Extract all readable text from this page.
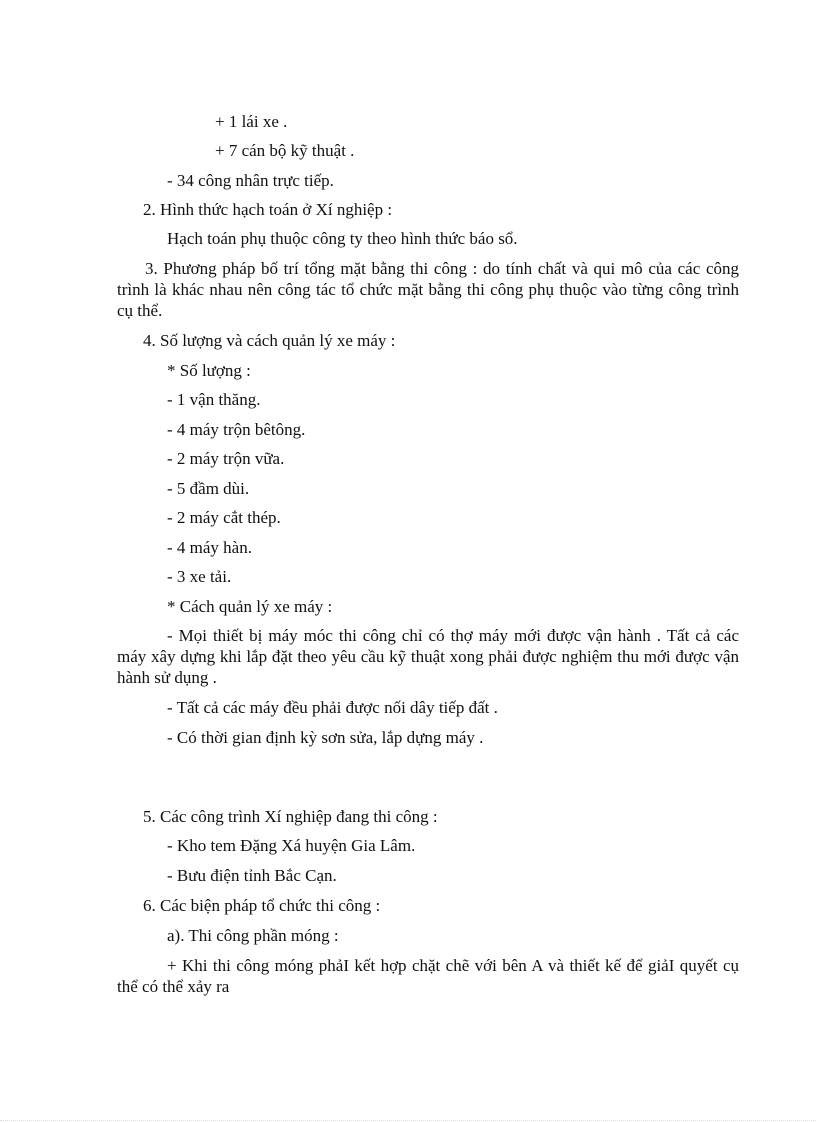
+ 1 lái xe .
+ 7 cán bộ kỹ thuật .
- 34 công nhân trực tiếp.
2. Hình thức hạch toán ở Xí nghiệp :
Hạch toán phụ thuộc công ty theo hình thức báo sổ.
3. Phương pháp bố trí tổng mặt bằng thi công : do tính chất và qui mô của các công trình là khác nhau nên công tác tổ chức mặt bằng thi công phụ thuộc vào từng công trình cụ thể.
4. Số lượng và cách quản lý xe máy :
* Số lượng :
- 1 vận thăng.
- 4 máy trộn bêtông.
- 2 máy trộn vữa.
- 5 đầm dùi.
- 2 máy cắt thép.
- 4 máy hàn.
- 3 xe tải.
* Cách quản lý xe máy :
- Mọi thiết bị máy móc thi công chỉ có thợ máy mới được vận hành . Tất cả các máy xây dựng khi lắp đặt theo yêu cầu kỹ thuật xong phải được nghiệm thu mới được vận hành sử dụng .
- Tất cả các máy đều phải được nối dây tiếp đất .
- Có thời gian định kỳ sơn sửa, lắp dựng máy .
5. Các công trình Xí nghiệp đang thi công :
- Kho tem Đặng Xá huyện Gia Lâm.
- Bưu điện tỉnh Bắc Cạn.
6. Các biện pháp tổ chức thi công :
a). Thi công phần móng :
+ Khi thi công móng phảI kết hợp chặt chẽ với bên A và thiết kế để giảI quyết cụ thể có thể xảy ra
